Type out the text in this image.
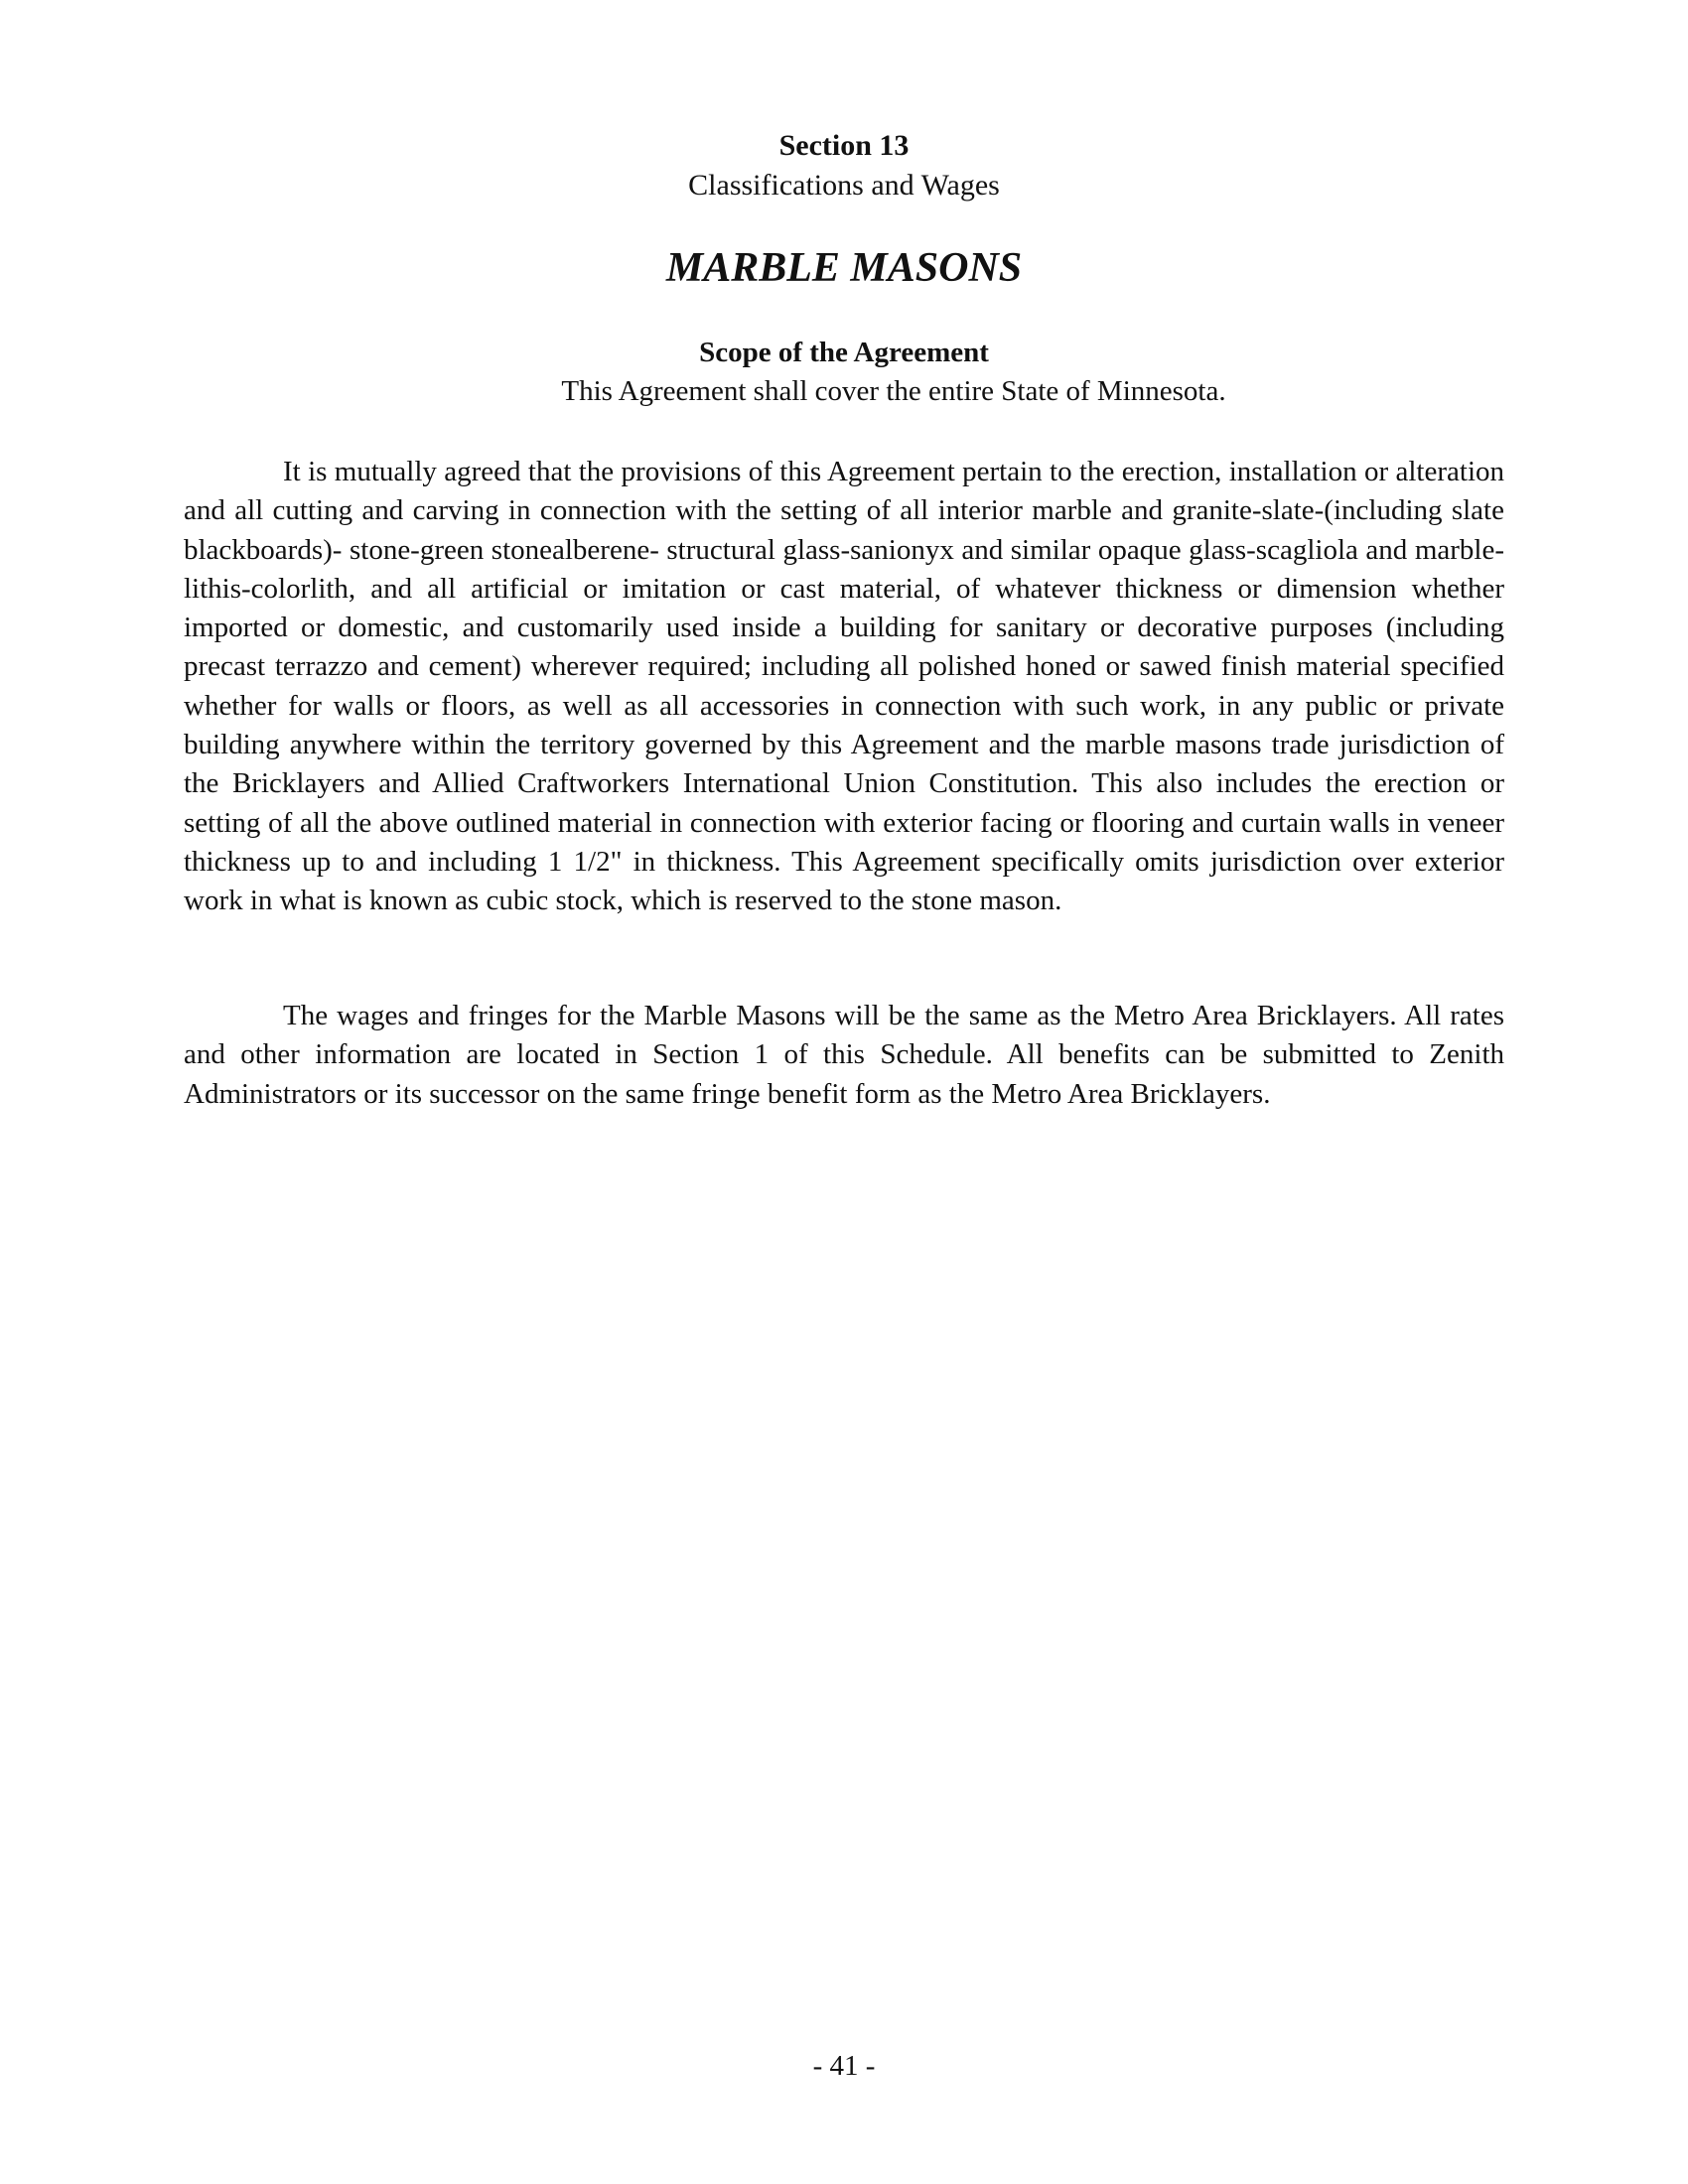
Section 13
Classifications and Wages
MARBLE MASONS
Scope of the Agreement
This Agreement shall cover the entire State of Minnesota.

It is mutually agreed that the provisions of this Agreement pertain to the erection, installation or alteration and all cutting and carving in connection with the setting of all interior marble and granite-slate-(including slate blackboards)- stone-green stonealberene- structural glass-sanionyx and similar opaque glass-scagliola and marble-lithis-colorlith, and all artificial or imitation or cast material, of whatever thickness or dimension whether imported or domestic, and customarily used inside a building for sanitary or decorative purposes (including precast terrazzo and cement) wherever required; including all polished honed or sawed finish material specified whether for walls or floors, as well as all accessories in connection with such work, in any public or private building anywhere within the territory governed by this Agreement and the marble masons trade jurisdiction of the Bricklayers and Allied Craftworkers International Union Constitution. This also includes the erection or setting of all the above outlined material in connection with exterior facing or flooring and curtain walls in veneer thickness up to and including 1 1/2" in thickness. This Agreement specifically omits jurisdiction over exterior work in what is known as cubic stock, which is reserved to the stone mason.

The wages and fringes for the Marble Masons will be the same as the Metro Area Bricklayers. All rates and other information are located in Section 1 of this Schedule. All benefits can be submitted to Zenith Administrators or its successor on the same fringe benefit form as the Metro Area Bricklayers.

- 41 -
